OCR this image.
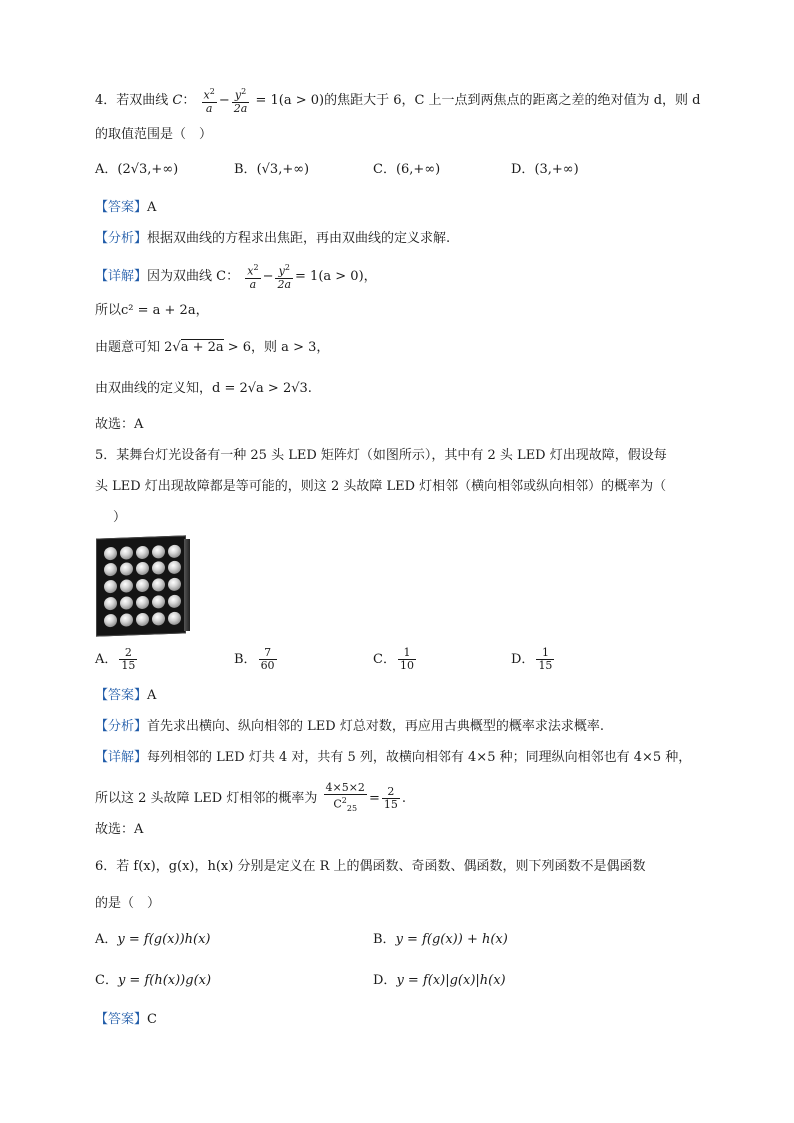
4．若双曲线 C： $\frac{x^2}{a} - \frac{y^2}{2a} = 1(a > 0)$的焦距大于 6，C 上一点到两焦点的距离之差的绝对值为 d，则 d
的取值范围是（　）
A．(2√3,+∞)	B．(√3,+∞)	C．(6,+∞)	D．(3,+∞)
【答案】A
【分析】根据双曲线的方程求出焦距，再由双曲线的定义求解.
【详解】因为双曲线 C： $\frac{x^2}{a} - \frac{y^2}{2a} = 1(a > 0)$，
所以c² = a + 2a，
由题意可知 2√a + 2a > 6，则 a > 3，
由双曲线的定义知，d = 2√a > 2√3.
故选：A
5．某舞台灯光设备有一种 25 头 LED 矩阵灯（如图所示），其中有 2 头 LED 灯出现故障，假设每
头 LED 灯出现故障都是等可能的，则这 2 头故障 LED 灯相邻（横向相邻或纵向相邻）的概率为（
）
A． $\frac{2}{15}$	B． $\frac{7}{60}$	C． $\frac{1}{10}$	D． $\frac{1}{15}$
【答案】A
【分析】首先求出横向、纵向相邻的 LED 灯总对数，再应用古典概型的概率求法求概率.
【详解】每列相邻的 LED 灯共 4 对，共有 5 列，故横向相邻有 4×5 种；同理纵向相邻也有 4×5 种，
所以这 2 头故障 LED 灯相邻的概率为 $\frac{4\times 5\times 2}{C^2_{25}} = \frac{2}{15}$ .
故选：A
6．若 f(x)，g(x)，h(x) 分别是定义在 R 上的偶函数、奇函数、偶函数，则下列函数不是偶函数
的是（　）
A．y = f(g(x))h(x)	B．y = f(g(x)) + h(x)
C．y = f(h(x))g(x)	D．y = f(x)|g(x)|h(x)
【答案】C
